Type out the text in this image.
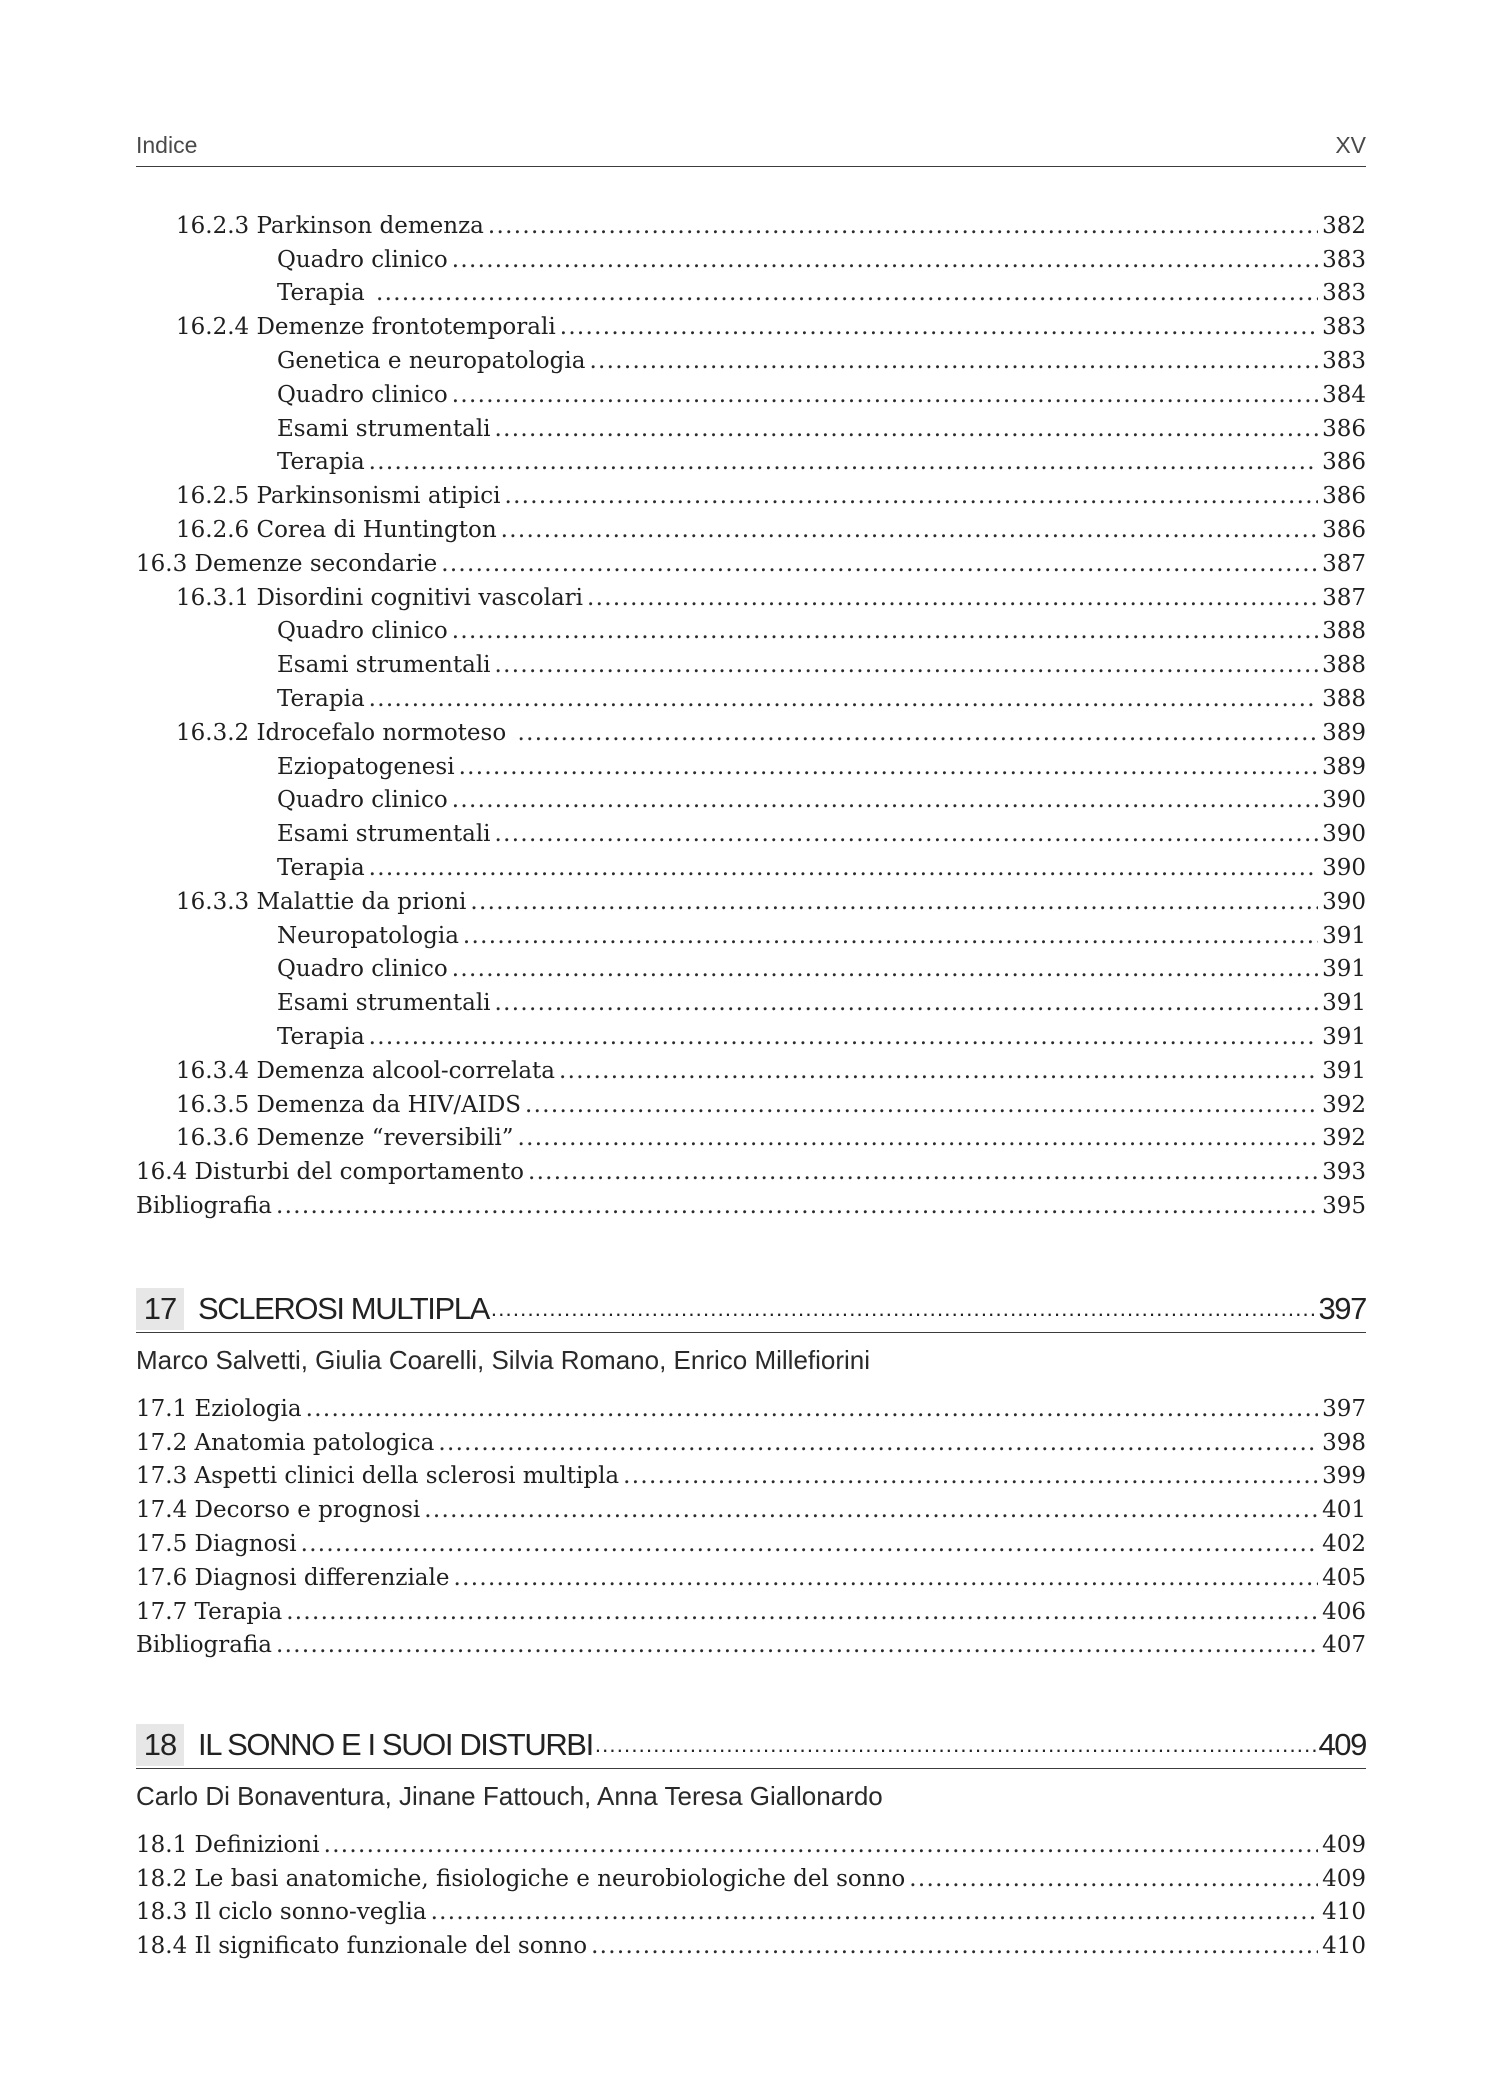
Indice	XV
16.2.3 Parkinson demenza .....	382
Quadro clinico .....	383
Terapia .....	383
16.2.4 Demenze frontotemporali .....	383
Genetica e neuropatologia .....	383
Quadro clinico .....	384
Esami strumentali .....	386
Terapia .....	386
16.2.5 Parkinsonismi atipici .....	386
16.2.6 Corea di Huntington .....	386
16.3 Demenze secondarie .....	387
16.3.1 Disordini cognitivi vascolari .....	387
Quadro clinico .....	388
Esami strumentali .....	388
Terapia .....	388
16.3.2 Idrocefalo normoteso .....	389
Eziopatogenesi .....	389
Quadro clinico .....	390
Esami strumentali .....	390
Terapia .....	390
16.3.3 Malattie da prioni .....	390
Neuropatologia .....	391
Quadro clinico .....	391
Esami strumentali .....	391
Terapia .....	391
16.3.4 Demenza alcool-correlata .....	391
16.3.5 Demenza da HIV/AIDS .....	392
16.3.6 Demenze “reversibili” .....	392
16.4 Disturbi del comportamento .....	393
Bibliografia .....	395
17 SCLEROSI MULTIPLA .....	397
Marco Salvetti, Giulia Coarelli, Silvia Romano, Enrico Millefiorini
17.1 Eziologia .....	397
17.2 Anatomia patologica .....	398
17.3 Aspetti clinici della sclerosi multipla .....	399
17.4 Decorso e prognosi .....	401
17.5 Diagnosi .....	402
17.6 Diagnosi differenziale .....	405
17.7 Terapia .....	406
Bibliografia .....	407
18 IL SONNO E I SUOI DISTURBI .....	409
Carlo Di Bonaventura, Jinane Fattouch, Anna Teresa Giallonardo
18.1 Definizioni .....	409
18.2 Le basi anatomiche, fisiologiche e neurobiologiche del sonno .....	409
18.3 Il ciclo sonno-veglia .....	410
18.4 Il significato funzionale del sonno .....	410
